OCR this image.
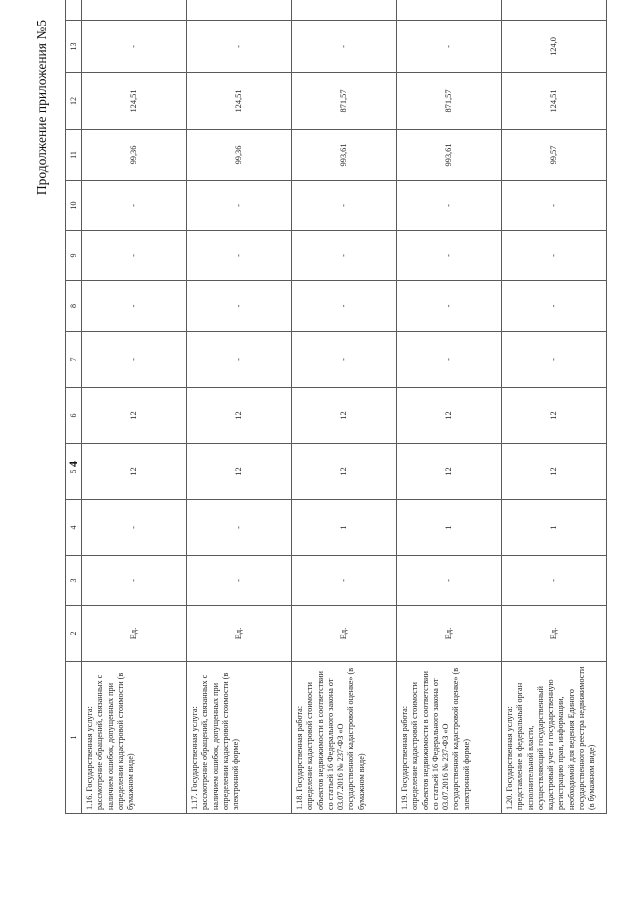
Продолжение приложения №5
4
1	2	3	4	5	6	7	8	9	10	11	12	13	
1.16. Государственная услуга: рассмотрение обращений, связанных с наличием ошибок, допущенных при определении кадастровой стоимости (в бумажном виде)	Ед.	-	-	12	12	-	-	-	-	99,36	124,51	-	
1.17. Государственная услуга: рассмотрение обращений, связанных с наличием ошибок, допущенных при определении кадастровой стоимости (в электронной форме)	Ед.	-	-	12	12	-	-	-	-	99,36	124,51	-	
1.18. Государственная работа: определение кадастровой стоимости объектов недвижимости в соответствии со статьей 16 Федерального закона от 03.07.2016 № 237-ФЗ «О государственной кадастровой оценке» (в бумажном виде)	Ед.	-	1	12	12	-	-	-	-	993,61	871,57	-	
1.19. Государственная работа: определение кадастровой стоимости объектов недвижимости в соответствии со статьей 16 Федерального закона от 03.07.2016 № 237-ФЗ «О государственной кадастровой оценке» (в электронной форме)	Ед.	-	1	12	12	-	-	-	-	993,61	871,57	-	
1.20. Государственная услуга: представление в федеральный орган исполнительной власти, осуществляющий государственный кадастровый учет и государственную регистрацию прав, информации, необходимой для ведения Единого государственного реестра недвижимости (в бумажном виде)	Ед.	-	1	12	12	-	-	-	-	99,57	124,51	124,0	
